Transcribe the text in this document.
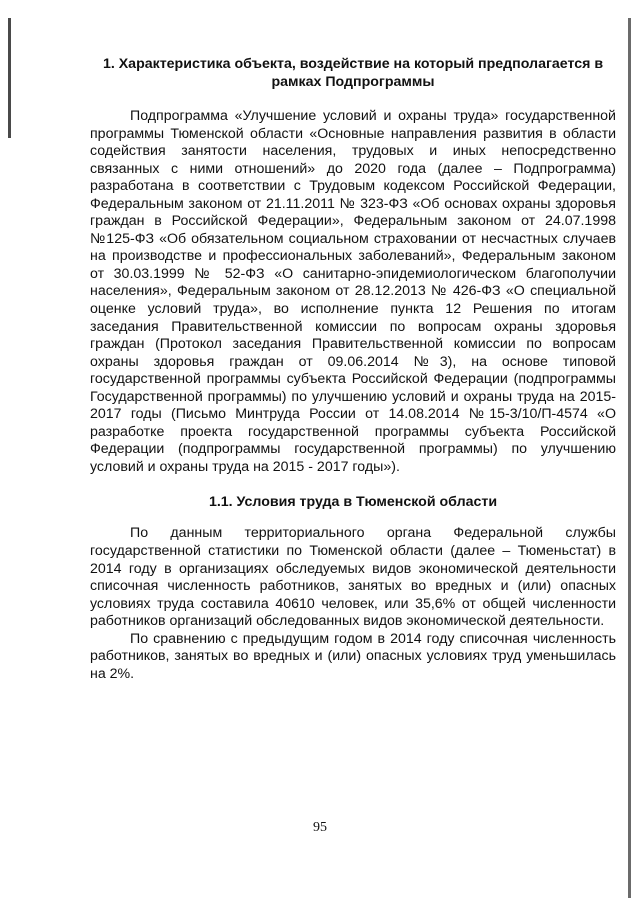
1. Характеристика объекта, воздействие на который предполагается в рамках Подпрограммы

Подпрограмма «Улучшение условий и охраны труда» государственной программы Тюменской области «Основные направления развития в области содействия занятости населения, трудовых и иных непосредственно связанных с ними отношений» до 2020 года (далее – Подпрограмма) разработана в соответствии с Трудовым кодексом Российской Федерации, Федеральным законом от 21.11.2011 № 323-ФЗ «Об основах охраны здоровья граждан в Российской Федерации», Федеральным законом от 24.07.1998 №125-ФЗ «Об обязательном социальном страховании от несчастных случаев на производстве и профессиональных заболеваний», Федеральным законом от 30.03.1999 № 52-ФЗ «О санитарно-эпидемиологическом благополучии населения», Федеральным законом от 28.12.2013 № 426-ФЗ «О специальной оценке условий труда», во исполнение пункта 12 Решения по итогам заседания Правительственной комиссии по вопросам охраны здоровья граждан (Протокол заседания Правительственной комиссии по вопросам охраны здоровья граждан от 09.06.2014 №3), на основе типовой государственной программы субъекта Российской Федерации (подпрограммы Государственной программы) по улучшению условий и охраны труда на 2015-2017 годы (Письмо Минтруда России от 14.08.2014 №15-3/10/П-4574 «О разработке проекта государственной программы субъекта Российской Федерации (подпрограммы государственной программы) по улучшению условий и охраны труда на 2015 - 2017 годы»).

1.1. Условия труда в Тюменской области

По данным территориального органа Федеральной службы государственной статистики по Тюменской области (далее – Тюменьстат) в 2014 году в организациях обследуемых видов экономической деятельности списочная численность работников, занятых во вредных и (или) опасных условиях труда составила 40610 человек, или 35,6% от общей численности работников организаций обследованных видов экономической деятельности.

По сравнению с предыдущим годом в 2014 году списочная численность работников, занятых во вредных и (или) опасных условиях труд уменьшилась на 2%.

95
